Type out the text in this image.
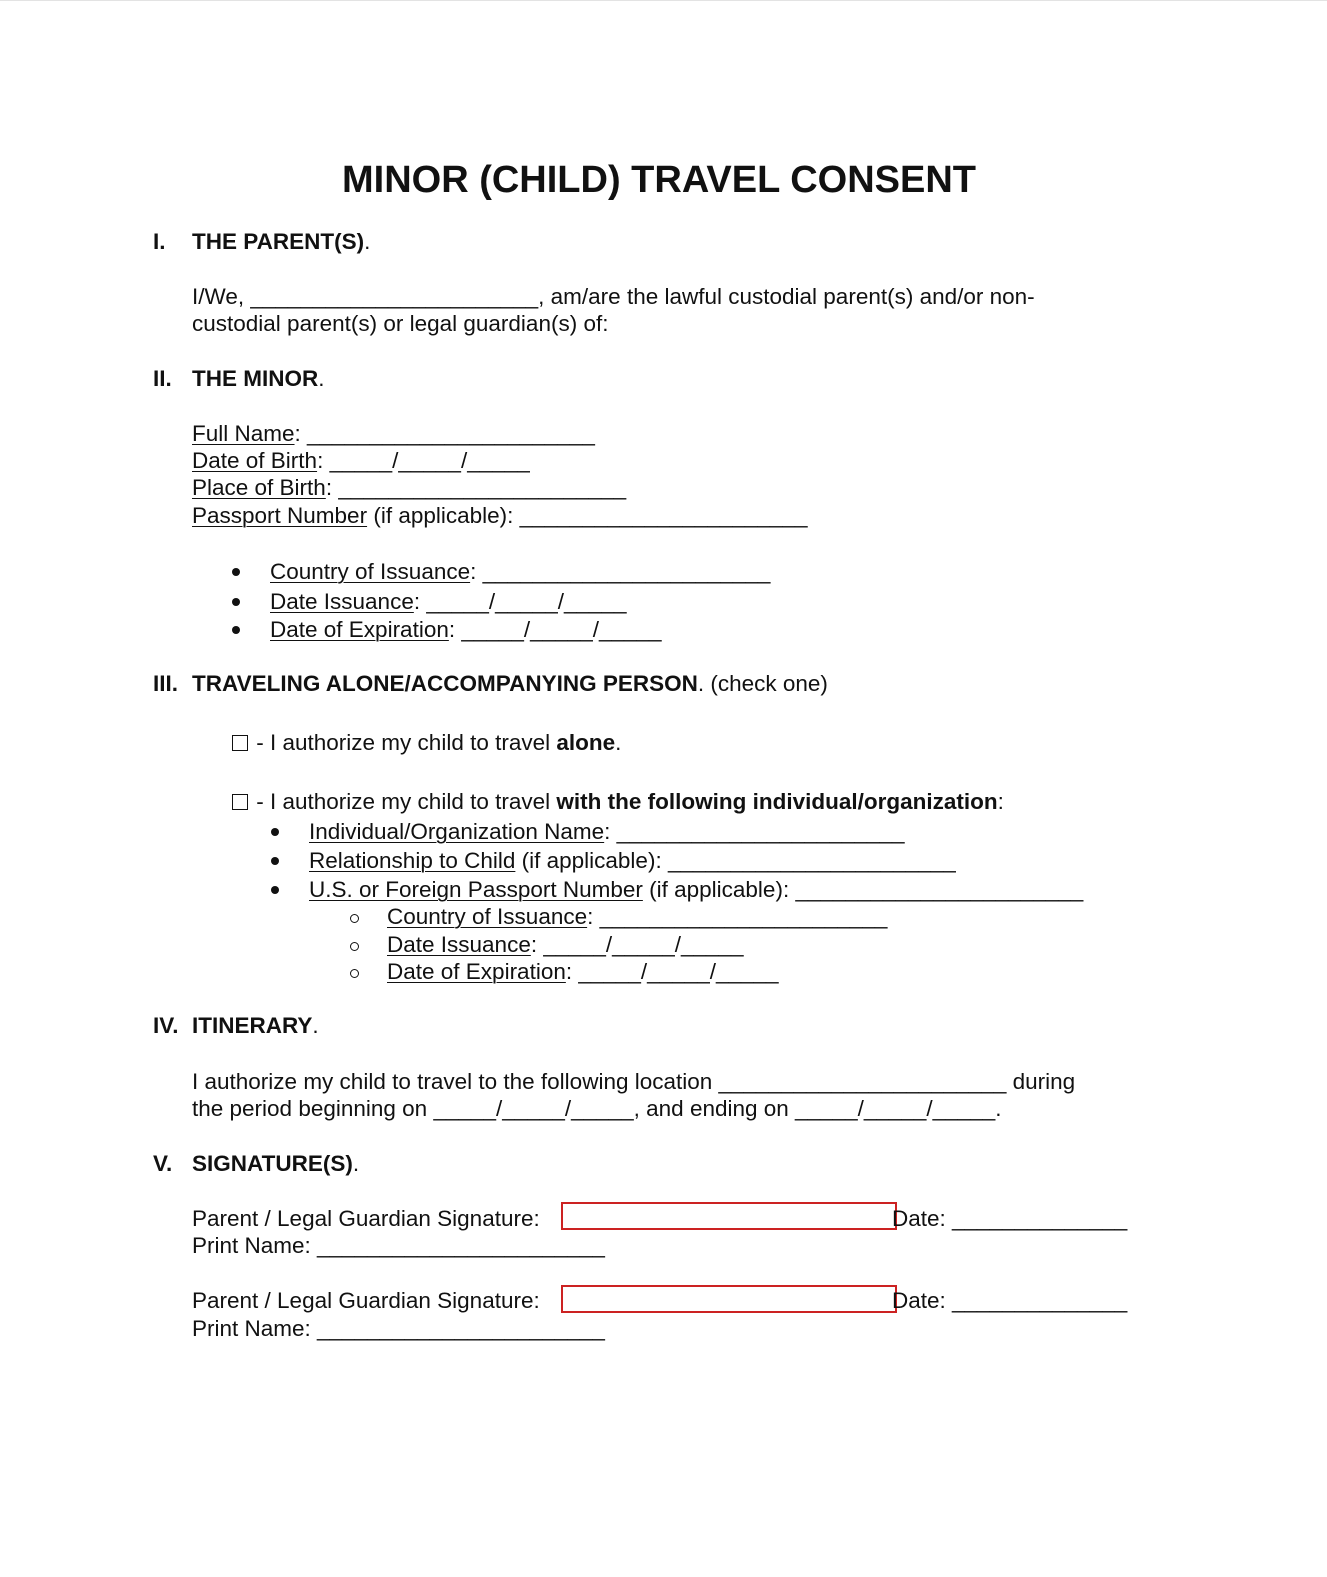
MINOR (CHILD) TRAVEL CONSENT
I. THE PARENT(S).
I/We, _______________________, am/are the lawful custodial parent(s) and/or non-
custodial parent(s) or legal guardian(s) of:
II. THE MINOR.
Full Name: _______________________
Date of Birth: _____/_____/_____
Place of Birth: _______________________
Passport Number (if applicable): _______________________
Country of Issuance: _______________________
Date Issuance: _____/_____/_____
Date of Expiration: _____/_____/_____
III. TRAVELING ALONE/ACCOMPANYING PERSON. (check one)
- I authorize my child to travel alone.
- I authorize my child to travel with the following individual/organization:
Individual/Organization Name: _______________________
Relationship to Child (if applicable): _______________________
U.S. or Foreign Passport Number (if applicable): _______________________
Country of Issuance: _______________________
Date Issuance: _____/_____/_____
Date of Expiration: _____/_____/_____
IV. ITINERARY.
I authorize my child to travel to the following location _______________________ during
the period beginning on _____/_____/_____, and ending on _____/_____/_____.
V. SIGNATURE(S).
Parent / Legal Guardian Signature:	Date: ______________
Print Name: _______________________
Parent / Legal Guardian Signature:	Date: ______________
Print Name: _______________________
